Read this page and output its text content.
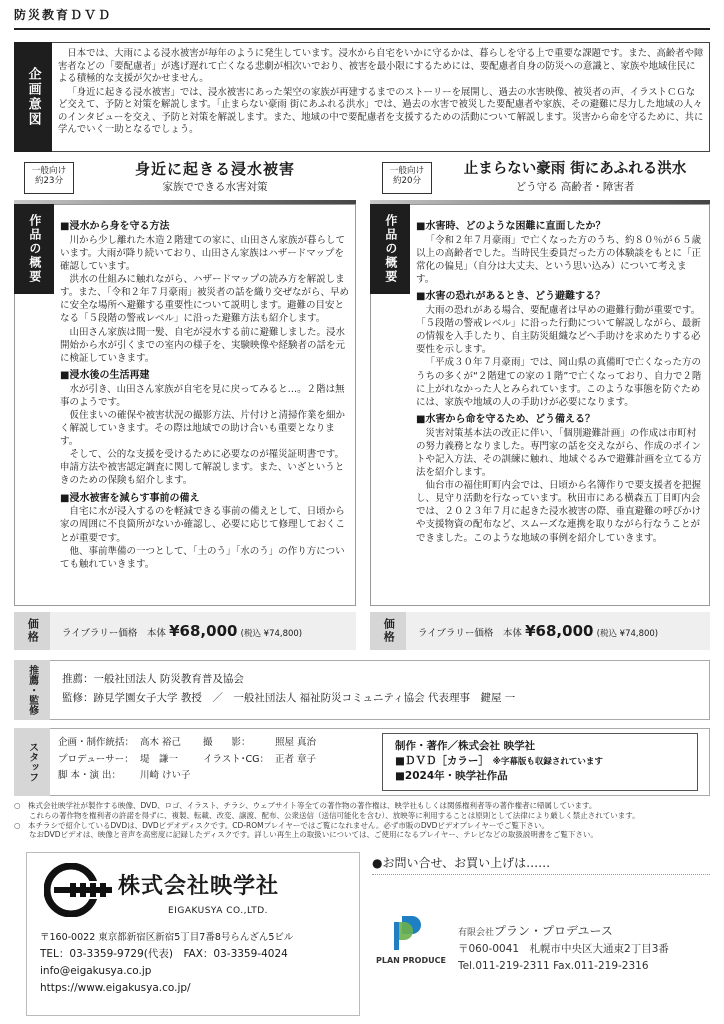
防災教育ＤＶＤ
企画意図

日本では、大雨による浸水被害が毎年のように発生しています。浸水から自宅をいかに守るかは、暮らしを守る上で重要な課題です。また、高齢者や障害者などの「要配慮者」が逃げ遅れて亡くなる悲劇が相次いでおり、被害を最小限にするためには、要配慮者自身の防災への意識と、家族や地域住民による積極的な支援が欠かせません。

「身近に起きる浸水被害」では、浸水被害にあった架空の家族が再建するまでのストーリーを展開し、過去の水害映像、被災者の声、イラストＣＧなど交えて、予防と対策を解説します。「止まらない豪雨 街にあふれる洪水」では、過去の水害で被災した要配慮者や家族、その避難に尽力した地域の人々のインタビューを交え、予防と対策を解説します。また、地域の中で要配慮者を支援するための活動について解説します。災害から命を守るために、共に学んでいく一助となるでしょう。

一般向け
約23分
身近に起きる浸水被害
家族でできる水害対策
作品の概要	■浸水から身を守る方法

川から少し離れた木造２階建ての家に、山田さん家族が暮らしています。大雨が降り続いており、山田さん家族はハザードマップを確認しています。

洪水の仕組みに触れながら、ハザードマップの読み方を解説します。また、「令和２年７月豪雨」被災者の話を織り交ぜながら、早めに安全な場所へ避難する重要性について説明します。避難の目安となる「５段階の警戒レベル」に沿った避難方法も紹介します。

山田さん家族は間一髪、自宅が浸水する前に避難しました。浸水開始から水が引くまでの室内の様子を、実験映像や経験者の話を元に検証していきます。

■浸水後の生活再建

水が引き、山田さん家族が自宅を見に戻ってみると…。２階は無事のようです。

仮住まいの確保や被害状況の撮影方法、片付けと清掃作業を細かく解説していきます。その際は地域での助け合いも重要となります。

そして、公的な支援を受けるために必要なのが罹災証明書です。申請方法や被害認定調査に関して解説します。また、いざというときのための保険も紹介します。

■浸水被害を減らす事前の備え

自宅に水が浸入するのを軽減できる事前の備えとして、日頃から家の周囲に不良箇所がないか確認し、必要に応じて修理しておくことが重要です。

他、事前準備の一つとして、「土のう」「水のう」の作り方についても触れていきます。

価格	ライブラリー価格　本体 ¥68,000 (税込 ¥74,800)
一般向け
約20分
止まらない豪雨 街にあふれる洪水
どう守る 高齢者・障害者
作品の概要	■水害時、どのような困難に直面したか？

「令和２年７月豪雨」で亡くなった方のうち、約８０％が６５歳以上の高齢者でした。当時民生委員だった方の体験談をもとに「正常化の偏見」（自分は大丈夫、という思い込み）について考えます。

■水害の恐れがあるとき、どう避難する？

大雨の恐れがある場合、要配慮者は早めの避難行動が重要です。「５段階の警戒レベル」に沿った行動について解説しながら、最新の情報を入手したり、自主防災組織などへ手助けを求めたりする必要性を示します。

「平成３０年７月豪雨」では、岡山県の真備町で亡くなった方のうちの多くが“２階建ての家の１階”で亡くなっており、自力で２階に上がれなかった人とみられています。このような事態を防ぐためには、家族や地域の人の手助けが必要になります。

■水害から命を守るため、どう備える？

災害対策基本法の改正に伴い、「個別避難計画」の作成は市町村の努力義務となりました。専門家の話を交えながら、作成のポイントや記入方法、その訓練に触れ、地域ぐるみで避難計画を立てる方法を紹介します。

仙台市の福住町町内会では、日頃から名簿作りで要支援者を把握し、見守り活動を行なっています。秋田市にある横森五丁目町内会では、２０２３年７月に起きた浸水被害の際、垂直避難の呼びかけや支援物資の配布など、スムーズな連携を取りながら行なうことができました。このような地域の事例を紹介していきます。

価格	ライブラリー価格　本体 ¥68,000 (税込 ¥74,800)
推薦・監修	推薦：一般社団法人 防災教育普及協会
監修：跡見学園女子大学 教授　／　一般社団法人 福祉防災コミュニティ協会 代表理事　鍵屋 一
スタッフ	企画・制作統括：	高木 裕己	撮　　影：	照屋 真治
プロデューサー：	堤　謙一	イラスト･CG：	正者 章子
脚 本・演 出：	川崎 けい子		
制作・著作／株式会社 映学社
■ＤＶＤ［カラー］ ※字幕版も収録されています
■2024年・映学社作品
○　株式会社映学社が製作する映像、DVD、ロゴ、イラスト、チラシ、ウェブサイト等全ての著作物の著作権は、映学社もしくは関係権利者等の著作権者に帰属しています。
　　これらの著作物を権利者の許諾を得ずに、複製、転載、改変、譲渡、配布、公衆送信（送信可能化を含む）、放映等に利用することは原則として法律により厳しく禁止されています。
○　本チラシで紹介しているDVDは、DVDビデオディスクです。CD-ROMプレイヤーではご覧になれません。必ず市販のDVDビデオプレイヤーでご覧下さい。
　　なおDVDビデオは、映像と音声を高密度に記録したディスクです。詳しい再生上の取扱いについては、ご使用になるプレイヤー、テレビなどの取扱説明書をご覧下さい。
株式会社映学社
EIGAKUSYA CO.,LTD.
〒160-0022 東京都新宿区新宿5丁目7番8号らんざん5ビル
TEL：03-3359-9729(代表)　FAX：03-3359-4024
info@eigakusya.co.jp
https://www.eigakusya.co.jp/
●お問い合せ、お買い上げは……
PLAN PRODUCE
有限会社プラン・プロデユース
〒060-0041　札幌市中央区大通東2丁目3番
Tel.011-219-2311 Fax.011-219-2316
